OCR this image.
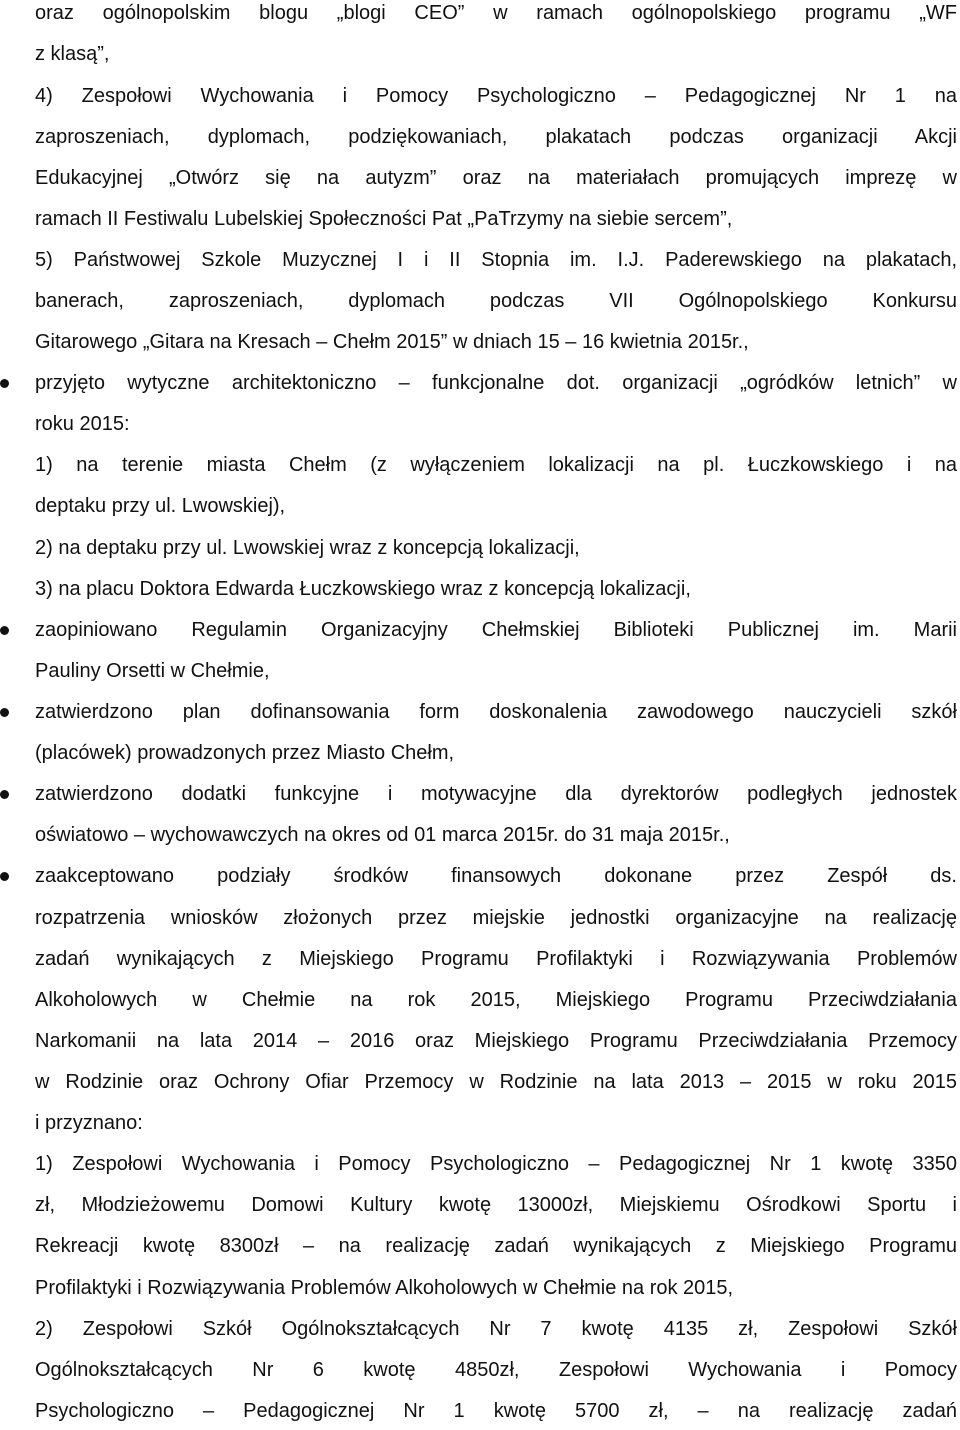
oraz ogólnopolskim blogu „blogi CEO” w ramach ogólnopolskiego programu „WF
z klasą”,
4) Zespołowi Wychowania i Pomocy Psychologiczno – Pedagogicznej Nr 1 na
zaproszeniach, dyplomach, podziękowaniach, plakatach podczas organizacji Akcji
Edukacyjnej „Otwórz się na autyzm” oraz na materiałach promujących imprezę w
ramach II Festiwalu Lubelskiej Społeczności Pat „PaTrzymy na siebie sercem”,
5) Państwowej Szkole Muzycznej I i II Stopnia im. I.J. Paderewskiego na plakatach,
banerach, zaproszeniach, dyplomach podczas VII Ogólnopolskiego Konkursu
Gitarowego „Gitara na Kresach – Chełm 2015” w dniach 15 – 16 kwietnia 2015r.,
przyjęto wytyczne architektoniczno – funkcjonalne dot. organizacji „ogródków letnich” w
roku 2015:
1) na terenie miasta Chełm (z wyłączeniem lokalizacji na pl. Łuczkowskiego i na
deptaku przy ul. Lwowskiej),
2) na deptaku przy ul. Lwowskiej wraz z koncepcją lokalizacji,
3) na placu Doktora Edwarda Łuczkowskiego wraz z koncepcją lokalizacji,
zaopiniowano Regulamin Organizacyjny Chełmskiej Biblioteki Publicznej im. Marii
Pauliny Orsetti w Chełmie,
zatwierdzono plan dofinansowania form doskonalenia zawodowego nauczycieli szkół
(placówek) prowadzonych przez Miasto Chełm,
zatwierdzono dodatki funkcyjne i motywacyjne dla dyrektorów podległych jednostek
oświatowo – wychowawczych na okres od 01 marca 2015r. do 31 maja 2015r.,
zaakceptowano podziały środków finansowych dokonane przez Zespół ds.
rozpatrzenia wniosków złożonych przez miejskie jednostki organizacyjne na realizację
zadań wynikających z Miejskiego Programu Profilaktyki i Rozwiązywania Problemów
Alkoholowych w Chełmie na rok 2015, Miejskiego Programu Przeciwdziałania
Narkomanii na lata 2014 – 2016 oraz Miejskiego Programu Przeciwdziałania Przemocy
w Rodzinie oraz Ochrony Ofiar Przemocy w Rodzinie na lata 2013 – 2015 w roku 2015
i przyznano:
1) Zespołowi Wychowania i Pomocy Psychologiczno – Pedagogicznej Nr 1 kwotę 3350
zł, Młodzieżowemu Domowi Kultury kwotę 13000zł, Miejskiemu Ośrodkowi Sportu i
Rekreacji kwotę 8300zł – na realizację zadań wynikających z Miejskiego Programu
Profilaktyki i Rozwiązywania Problemów Alkoholowych w Chełmie na rok 2015,
2) Zespołowi Szkół Ogólnokształcących Nr 7 kwotę 4135 zł, Zespołowi Szkół
Ogólnokształcących Nr 6 kwotę 4850zł, Zespołowi Wychowania i Pomocy
Psychologiczno – Pedagogicznej Nr 1 kwotę 5700 zł, – na realizację zadań
